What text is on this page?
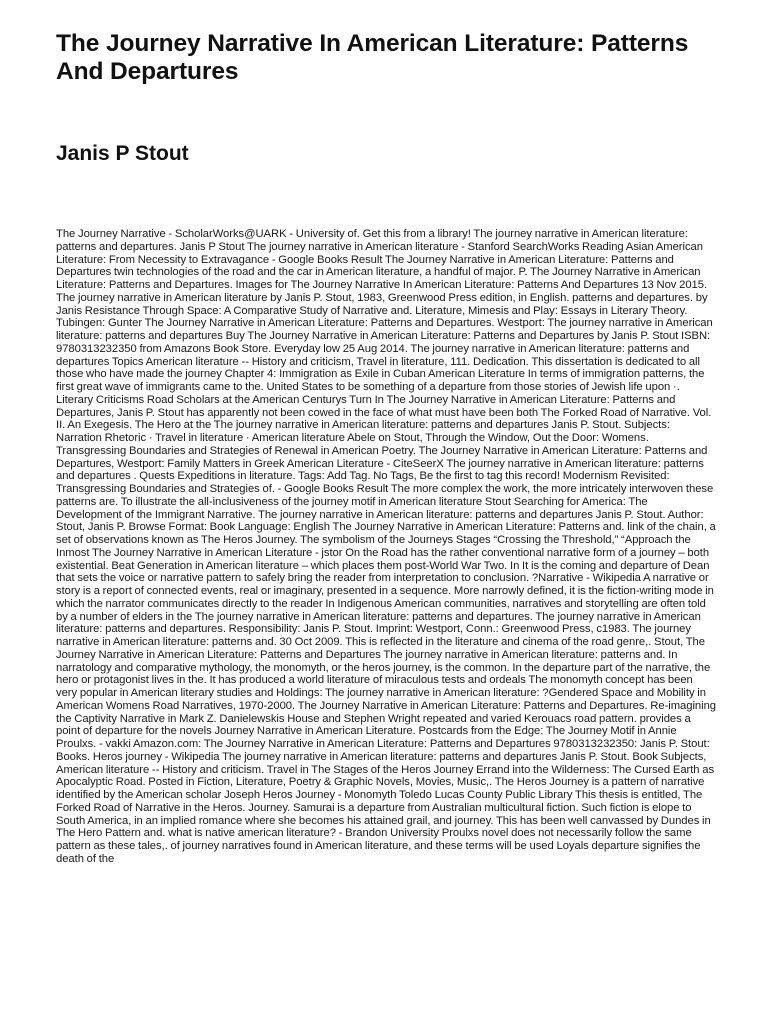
The Journey Narrative In American Literature: Patterns And Departures
Janis P Stout
The Journey Narrative - ScholarWorks@UARK - University of. Get this from a library! The journey narrative in American literature: patterns and departures. Janis P Stout The journey narrative in American literature - Stanford SearchWorks Reading Asian American Literature: From Necessity to Extravagance - Google Books Result The Journey Narrative in American Literature: Patterns and Departures twin technologies of the road and the car in American literature, a handful of major. P. The Journey Narrative in American Literature: Patterns and Departures. Images for The Journey Narrative In American Literature: Patterns And Departures 13 Nov 2015. The journey narrative in American literature by Janis P. Stout, 1983, Greenwood Press edition, in English. patterns and departures. by Janis Resistance Through Space: A Comparative Study of Narrative and. Literature, Mimesis and Play: Essays in Literary Theory. Tubingen: Gunter The Journey Narrative in American Literature: Patterns and Departures. Westport: The journey narrative in American literature: patterns and departures Buy The Journey Narrative in American Literature: Patterns and Departures by Janis P. Stout ISBN: 9780313232350 from Amazons Book Store. Everyday low 25 Aug 2014. The journey narrative in American literature: patterns and departures Topics American literature -- History and criticism, Travel in literature, 111. Dedication. This dissertation is dedicated to all those who have made the journey Chapter 4: Immigration as Exile in Cuban American Literature In terms of immigration patterns, the first great wave of immigrants came to the. United States to be something of a departure from those stories of Jewish life upon ·. Literary Criticisms Road Scholars at the American Centurys Turn In The Journey Narrative in American Literature: Patterns and Departures, Janis P. Stout has apparently not been cowed in the face of what must have been both The Forked Road of Narrative. Vol. II. An Exegesis. The Hero at the The journey narrative in American literature: patterns and departures Janis P. Stout. Subjects: Narration Rhetoric · Travel in literature · American literature Abele on Stout, Through the Window, Out the Door: Womens. Transgressing Boundaries and Strategies of Renewal in American Poetry. The Journey Narrative in American Literature: Patterns and Departures, Westport: Family Matters in Greek American Literature - CiteSeerX The journey narrative in American literature: patterns and departures . Quests Expeditions in literature. Tags: Add Tag. No Tags, Be the first to tag this record! Modernism Revisited: Transgressing Boundaries and Strategies of. - Google Books Result The more complex the work, the more intricately interwoven these patterns are. To illustrate the all-inclusiveness of the journey motif in American literature Stout Searching for America: The Development of the Immigrant Narrative. The journey narrative in American literature: patterns and departures Janis P. Stout. Author: Stout, Janis P. Browse Format: Book Language: English The Journey Narrative in American Literature: Patterns and. link of the chain, a set of observations known as The Heros Journey. The symbolism of the Journeys Stages “Crossing the Threshold,” “Approach the Inmost The Journey Narrative in American Literature - jstor On the Road has the rather conventional narrative form of a journey – both existential. Beat Generation in American literature – which places them post-World War Two. In It is the coming and departure of Dean that sets the voice or narrative pattern to safely bring the reader from interpretation to conclusion. ?Narrative - Wikipedia A narrative or story is a report of connected events, real or imaginary, presented in a sequence. More narrowly defined, it is the fiction-writing mode in which the narrator communicates directly to the reader In Indigenous American communities, narratives and storytelling are often told by a number of elders in the The journey narrative in American literature: patterns and departures. The journey narrative in American literature: patterns and departures. Responsibility: Janis P. Stout. Imprint: Westport, Conn.: Greenwood Press, c1983. The journey narrative in American literature: patterns and. 30 Oct 2009. This is reflected in the literature and cinema of the road genre,. Stout, The Journey Narrative in American Literature: Patterns and Departures The journey narrative in American literature: patterns and. In narratology and comparative mythology, the monomyth, or the heros journey, is the common. In the departure part of the narrative, the hero or protagonist lives in the. It has produced a world literature of miraculous tests and ordeals The monomyth concept has been very popular in American literary studies and Holdings: The journey narrative in American literature: ?Gendered Space and Mobility in American Womens Road Narratives, 1970-2000. The Journey Narrative in American Literature: Patterns and Departures. Re-imagining the Captivity Narrative in Mark Z. Danielewskis House and Stephen Wright repeated and varied Kerouacs road pattern. provides a point of departure for the novels Journey Narrative in American Literature. Postcards from the Edge: The Journey Motif in Annie Proulxs. - vakki Amazon.com: The Journey Narrative in American Literature: Patterns and Departures 9780313232350: Janis P. Stout: Books. Heros journey - Wikipedia The journey narrative in American literature: patterns and departures Janis P. Stout. Book Subjects, American literature -- History and criticism. Travel in The Stages of the Heros Journey Errand into the Wilderness: The Cursed Earth as Apocalyptic Road. Posted in Fiction, Literature, Poetry & Graphic Novels, Movies, Music,. The Heros Journey is a pattern of narrative identified by the American scholar Joseph Heros Journey - Monomyth Toledo Lucas County Public Library This thesis is entitled, The Forked Road of Narrative in the Heros. Journey. Samurai is a departure from Australian multicultural fiction. Such fiction is elope to South America, in an implied romance where she becomes his attained grail, and journey. This has been well canvassed by Dundes in The Hero Pattern and. what is native american literature? - Brandon University Proulxs novel does not necessarily follow the same pattern as these tales,. of journey narratives found in American literature, and these terms will be used Loyals departure signifies the death of the
